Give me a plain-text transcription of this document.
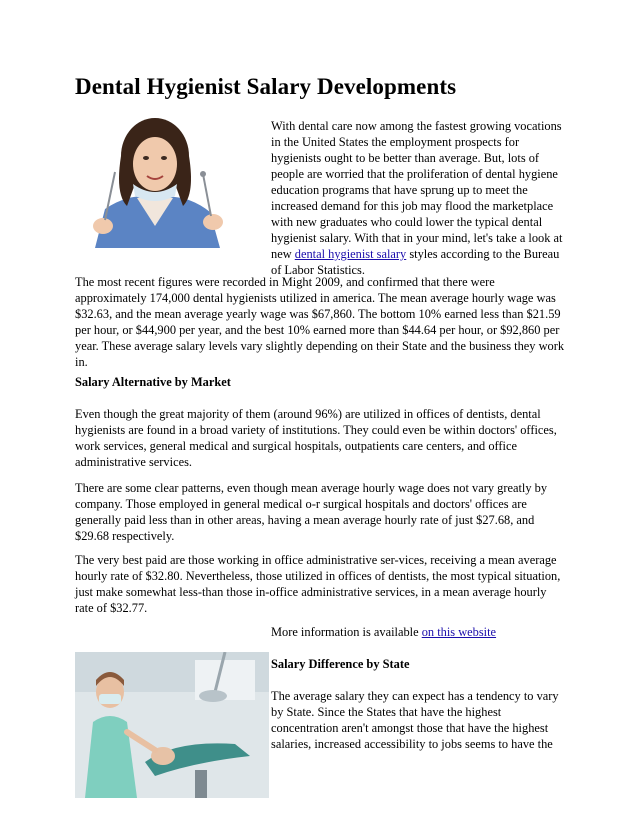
Dental Hygienist Salary Developments

With dental care now among the fastest growing vocations in the United States the employment prospects for hygienists ought to be better than average. But, lots of people are worried that the proliferation of dental hygiene education programs that have sprung up to meet the increased demand for this job may flood the marketplace with new graduates who could lower the typical dental hygienist salary. With that in your mind, let's take a look at new dental hygienist salary styles according to the Bureau of Labor Statistics.

The most recent figures were recorded in Might 2009, and confirmed that there were approximately 174,000 dental hygienists utilized in america. The mean average hourly wage was $32.63, and the mean average yearly wage was $67,860. The bottom 10% earned less than $21.59 per hour, or $44,900 per year, and the best 10% earned more than $44.64 per hour, or $92,860 per year. These average salary levels vary slightly depending on their State and the business they work in.

Salary Alternative by Market

Even though the great majority of them (around 96%) are utilized in offices of dentists, dental hygienists are found in a broad variety of institutions. They could even be within doctors' offices, work services, general medical and surgical hospitals, outpatients care centers, and office administrative services.

There are some clear patterns, even though mean average hourly wage does not vary greatly by company. Those employed in general medical o-r surgical hospitals and doctors' offices are generally paid less than in other areas, having a mean average hourly rate of just $27.68, and $29.68 respectively.

The very best paid are those working in office administrative ser-vices, receiving a mean average hourly rate of $32.80. Nevertheless, those utilized in offices of dentists, the most typical situation, just make somewhat less-than those in-office administrative services, in a mean average hourly rate of $32.77.

More information is available on this website

Salary Difference by State

The average salary they can expect has a tendency to vary by State. Since the States that have the highest concentration aren't amongst those that have the highest salaries, increased accessibility to jobs seems to have the
